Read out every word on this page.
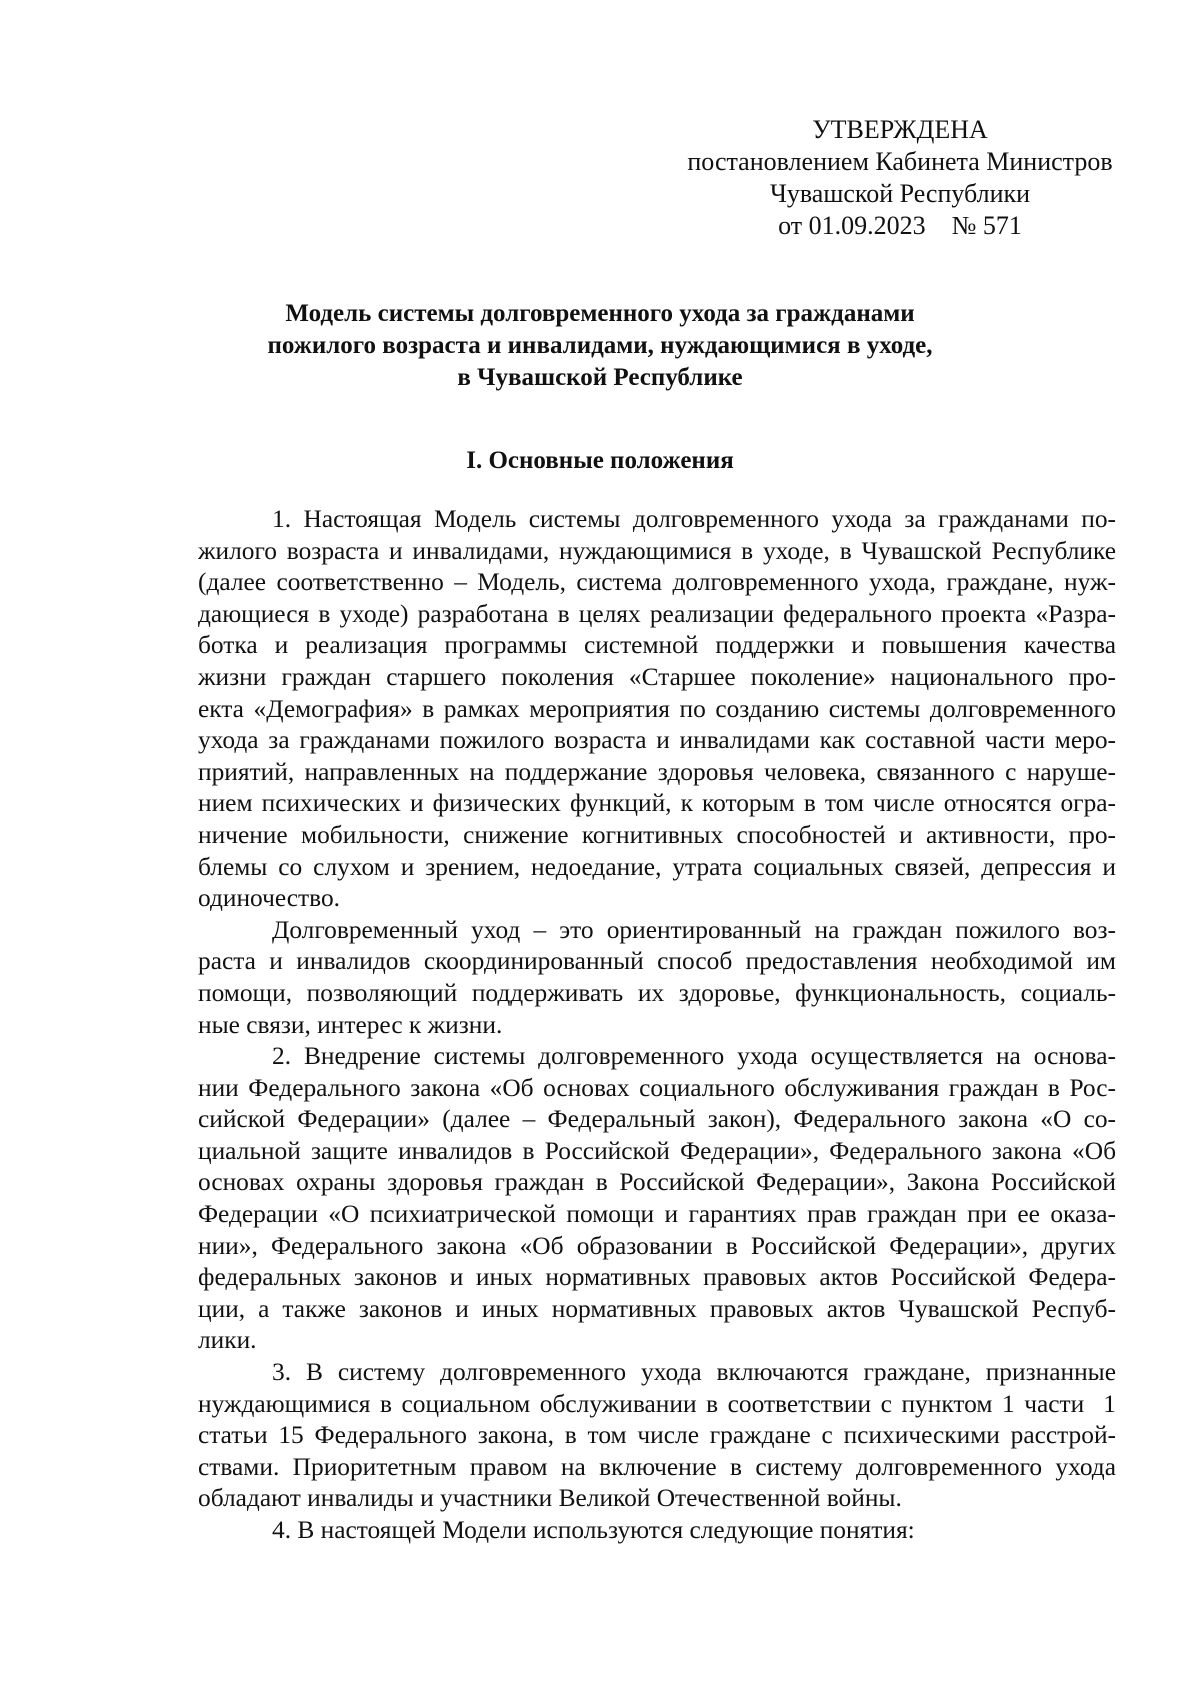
УТВЕРЖДЕНА
постановлением Кабинета Министров
Чувашской Республики
от 01.09.2023    № 571
Модель системы долговременного ухода за гражданами
пожилого возраста и инвалидами, нуждающимися в уходе,
в Чувашской Республике
I. Основные положения
1. Настоящая Модель системы долговременного ухода за гражданами по-
жилого возраста и инвалидами, нуждающимися в уходе, в Чувашской Республике
(далее соответственно – Модель, система долговременного ухода, граждане, нуж-
дающиеся в уходе) разработана в целях реализации федерального проекта «Разра-
ботка и реализация программы системной поддержки и повышения качества
жизни граждан старшего поколения «Старшее поколение» национального про-
екта «Демография» в рамках мероприятия по созданию системы долговременного
ухода за гражданами пожилого возраста и инвалидами как составной части меро-
приятий, направленных на поддержание здоровья человека, связанного с наруше-
нием психических и физических функций, к которым в том числе относятся огра-
ничение мобильности, снижение когнитивных способностей и активности, про-
блемы со слухом и зрением, недоедание, утрата социальных связей, депрессия и
одиночество.
Долговременный уход – это ориентированный на граждан пожилого воз-
раста и инвалидов скоординированный способ предоставления необходимой им
помощи, позволяющий поддерживать их здоровье, функциональность, социаль-
ные связи, интерес к жизни.
2. Внедрение системы долговременного ухода осуществляется на основа-
нии Федерального закона «Об основах социального обслуживания граждан в Рос-
сийской Федерации» (далее – Федеральный закон), Федерального закона «О со-
циальной защите инвалидов в Российской Федерации», Федерального закона «Об
основах охраны здоровья граждан в Российской Федерации», Закона Российской
Федерации «О психиатрической помощи и гарантиях прав граждан при ее оказа-
нии», Федерального закона «Об образовании в Российской Федерации», других
федеральных законов и иных нормативных правовых актов Российской Федера-
ции, а также законов и иных нормативных правовых актов Чувашской Респуб-
лики.
3. В систему долговременного ухода включаются граждане, признанные
нуждающимися в социальном обслуживании в соответствии с пунктом 1 части  1
статьи 15 Федерального закона, в том числе граждане с психическими расстрой-
ствами. Приоритетным правом на включение в систему долговременного ухода
обладают инвалиды и участники Великой Отечественной войны.
4. В настоящей Модели используются следующие понятия:
